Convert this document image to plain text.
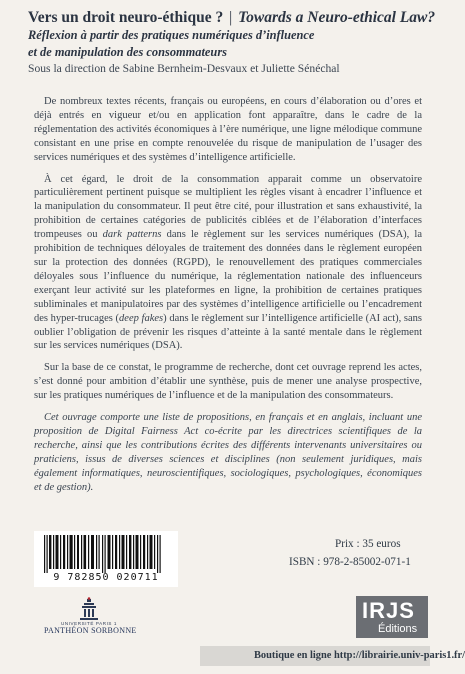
Vers un droit neuro-éthique ? | Towards a Neuro-ethical Law?
Réflexion à partir des pratiques numériques d’influence
et de manipulation des consommateurs
Sous la direction de Sabine Bernheim-Desvaux et Juliette Sénéchal

De nombreux textes récents, français ou européens, en cours d’élaboration ou d’ores et déjà entrés en vigueur et/ou en application font apparaître, dans le cadre de la réglementation des activités économiques à l’ère numérique, une ligne mélodique commune consistant en une prise en compte renouvelée du risque de manipulation de l’usager des services numériques et des systèmes d’intelligence artificielle.

À cet égard, le droit de la consommation apparait comme un observatoire particulièrement pertinent puisque se multiplient les règles visant à encadrer l’influence et la manipulation du consommateur. Il peut être cité, pour illustration et sans exhaustivité, la prohibition de certaines catégories de publicités ciblées et de l’élaboration d’interfaces trompeuses ou dark patterns dans le règlement sur les services numériques (DSA), la prohibition de techniques déloyales de traitement des données dans le règlement européen sur la protection des données (RGPD), le renouvellement des pratiques commerciales déloyales sous l’influence du numérique, la réglementation nationale des influenceurs exerçant leur activité sur les plateformes en ligne, la prohibition de certaines pratiques subliminales et manipulatoires par des systèmes d’intelligence artificielle ou l’encadrement des hyper-trucages (deep fakes) dans le règlement sur l’intelligence artificielle (AI act), sans oublier l’obligation de prévenir les risques d’atteinte à la santé mentale dans le règlement sur les services numériques (DSA).

Sur la base de ce constat, le programme de recherche, dont cet ouvrage reprend les actes, s’est donné pour ambition d’établir une synthèse, puis de mener une analyse prospective, sur les pratiques numériques de l’influence et de la manipulation des consommateurs.

Cet ouvrage comporte une liste de propositions, en français et en anglais, incluant une proposition de Digital Fairness Act co-écrite par les directrices scientifiques de la recherche, ainsi que les contributions écrites des différents intervenants universitaires ou praticiens, issus de diverses sciences et disciplines (non seulement juridiques, mais également informatiques, neuroscientifiques, sociologiques, psychologiques, économiques et de gestion).

Prix : 35 euros
ISBN : 978-2-85002-071-1
9 782850 020711
UNIVERSITÉ PARIS 1
PANTHÉON SORBONNE
IRJS
Éditions
Boutique en ligne http://librairie.univ-paris1.fr/
